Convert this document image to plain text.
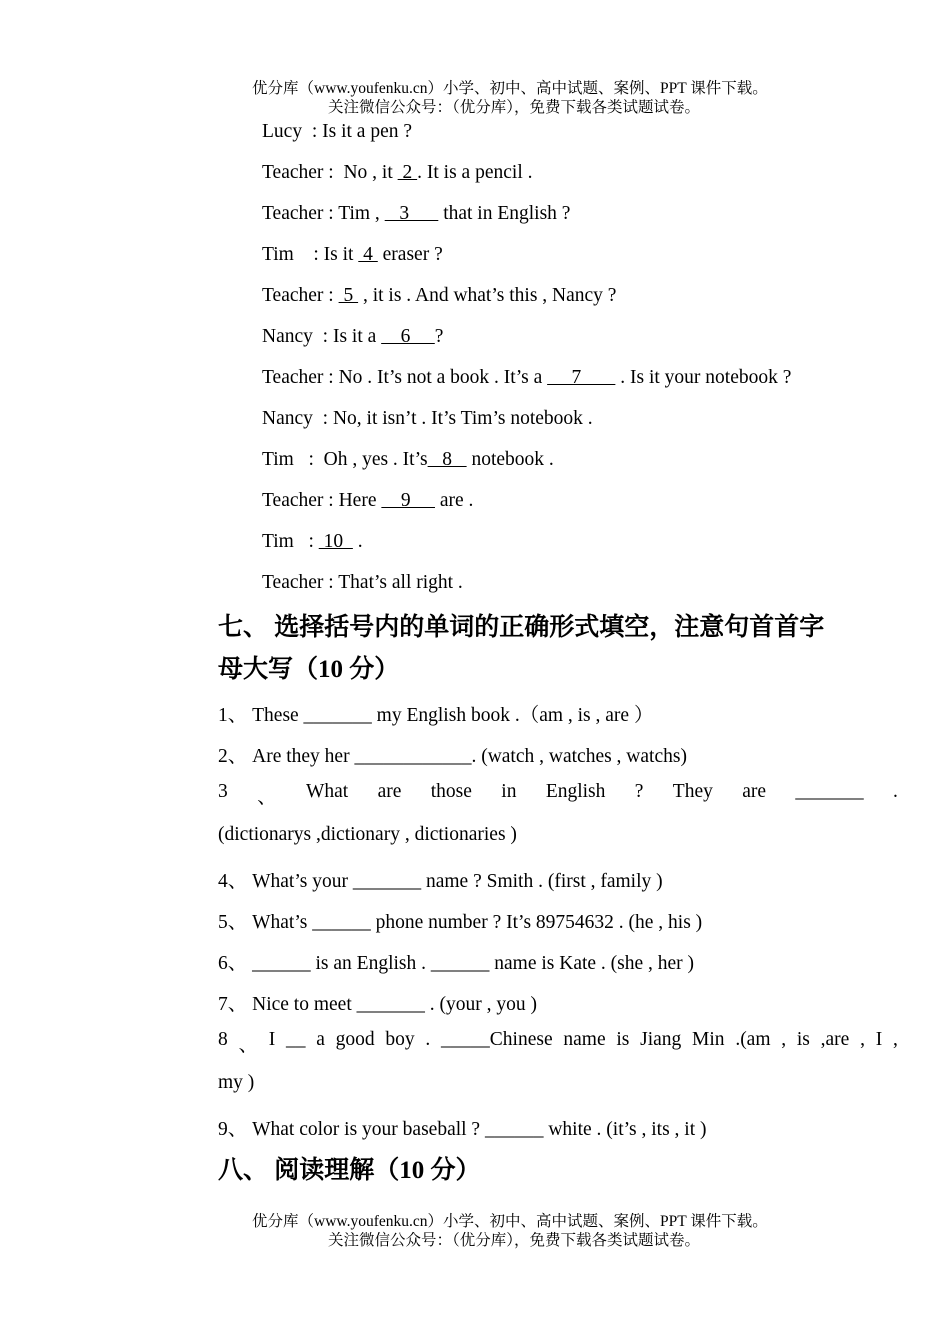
优分库（www.youfenku.cn）小学、初中、高中试题、案例、PPT 课件下载。
关注微信公众号：（优分库），免费下载各类试题试卷。
Lucy  : Is it a pen ?
Teacher :  No , it  2 . It is a pencil .
Teacher : Tim ,    3       that in English ?
Tim    : Is it  4  eraser ?
Teacher :  5  , it is . And what’s this , Nancy ?
Nancy  : Is it a     6     ?
Teacher : No . It’s not a book . It’s a      7        . Is it your notebook ?
Nancy  : No, it isn’t . It’s Tim’s notebook .
Tim   :  Oh , yes . It’s   8    notebook .
Teacher : Here     9      are .
Tim   :  10   .
Teacher : That’s all right .
七、 选择括号内的单词的正确形式填空，注意句首首字
母大写（10 分）
1、 These _______ my English book .（am , is , are ）
2、 Are they her ____________. (watch , watches , watchs)
3 、 What are those in English ? They are _______ .
(dictionarys ,dictionary , dictionaries )
4、 What’s your _______ name ? Smith . (first , family )
5、 What’s ______ phone number ? It’s 89754632 . (he , his )
6、 ______ is an English . ______ name is Kate . (she , her )
7、 Nice to meet _______ . (your , you )
8 、 I __ a good boy . _____Chinese name is Jiang Min .(am , is ,are , I ,
my )
9、 What color is your baseball ? ______ white . (it’s , its , it )
八、 阅读理解（10 分）
优分库（www.youfenku.cn）小学、初中、高中试题、案例、PPT 课件下载。
关注微信公众号：（优分库），免费下载各类试题试卷。
